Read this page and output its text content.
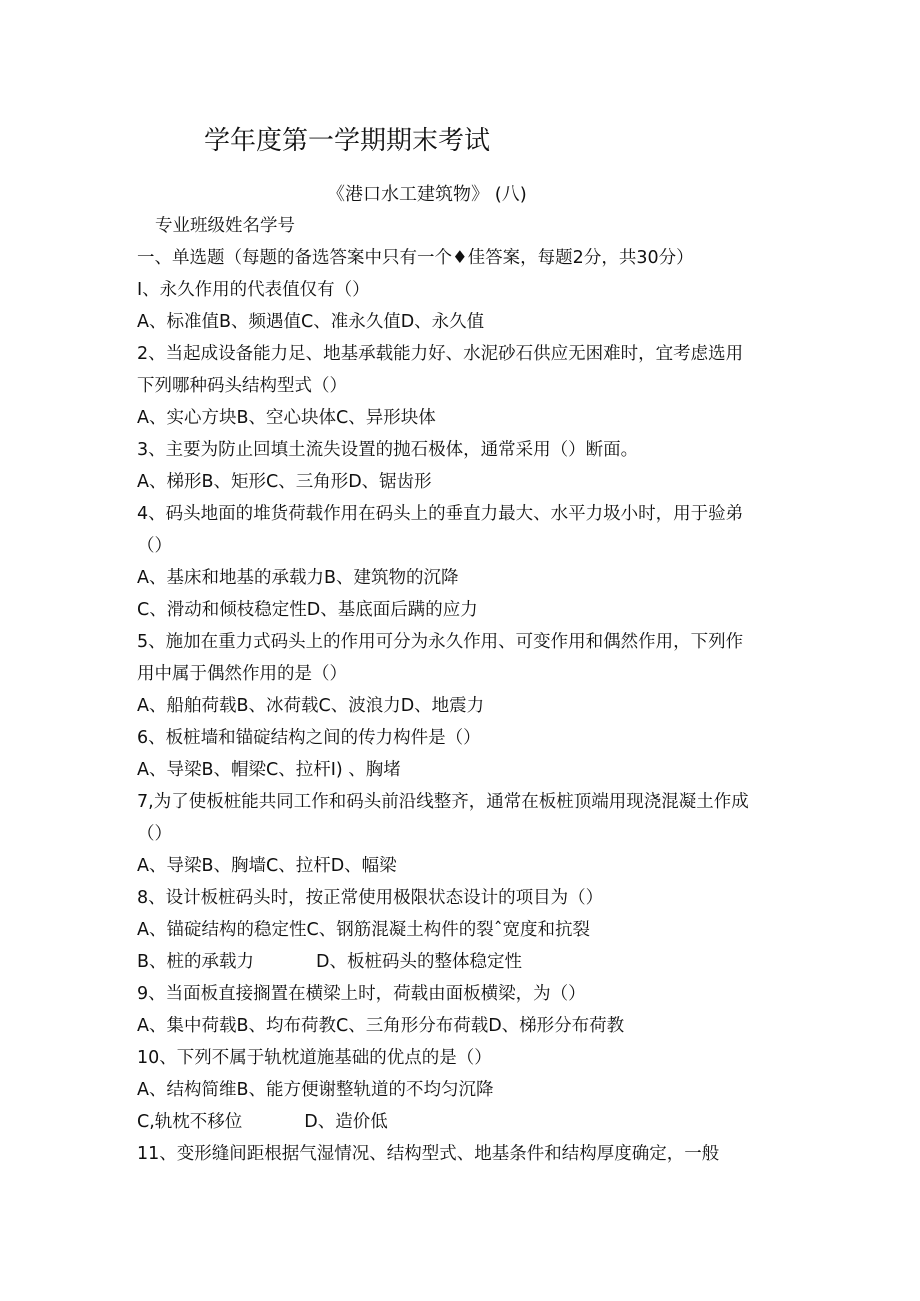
学年度第一学期期末考试
《港口水工建筑物》 (八)
专业班级姓名学号
一、单选题（每题的备选答案中只有一个♦佳答案，每题2分，共30分）
I、永久作用的代表值仅有（）
A、标准值B、频遇值C、准永久值D、永久值
2、当起成设备能力足、地基承载能力好、水泥砂石供应无困难时，宜考虑选用
下列哪种码头结构型式（）
A、实心方块B、空心块体C、异形块体
3、主要为防止回填土流失设置的抛石极体，通常采用（）断面。
A、梯形B、矩形C、三角形D、锯齿形
4、码头地面的堆货荷载作用在码头上的垂直力最大、水平力圾小时，用于验弟
（）
A、基床和地基的承载力B、建筑物的沉降
C、滑动和倾枝稳定性D、基底面后蹒的应力
5、施加在重力式码头上的作用可分为永久作用、可变作用和偶然作用，下列作
用中属于偶然作用的是（）
A、船舶荷载B、冰荷载C、波浪力D、地震力
6、板桩墙和锚碇结构之间的传力构件是（）
A、导梁B、帽梁C、拉杆I) 、胸堵
7,为了使板桩能共同工作和码头前沿线整齐，通常在板桩顶端用现浇混凝土作成
（）
A、导梁B、胸墙C、拉杆D、幅梁
8、设计板桩码头时，按正常使用极限状态设计的项目为（）
A、锚碇结构的稳定性C、钢筋混凝土构件的裂ˆ宽度和抗裂
B、桩的承载力	D、板桩码头的整体稳定性
9、当面板直接搁置在横梁上时，荷载由面板横梁，为（）
A、集中荷载B、均布荷教C、三角形分布荷载D、梯形分布荷教
10、下列不属于轨枕道施基础的优点的是（）
A、结构简维B、能方便谢整轨道的不均匀沉降
C,轨枕不移位	D、造价低
11、变形缝间距根据气湿情况、结构型式、地基条件和结构厚度确定，一般
